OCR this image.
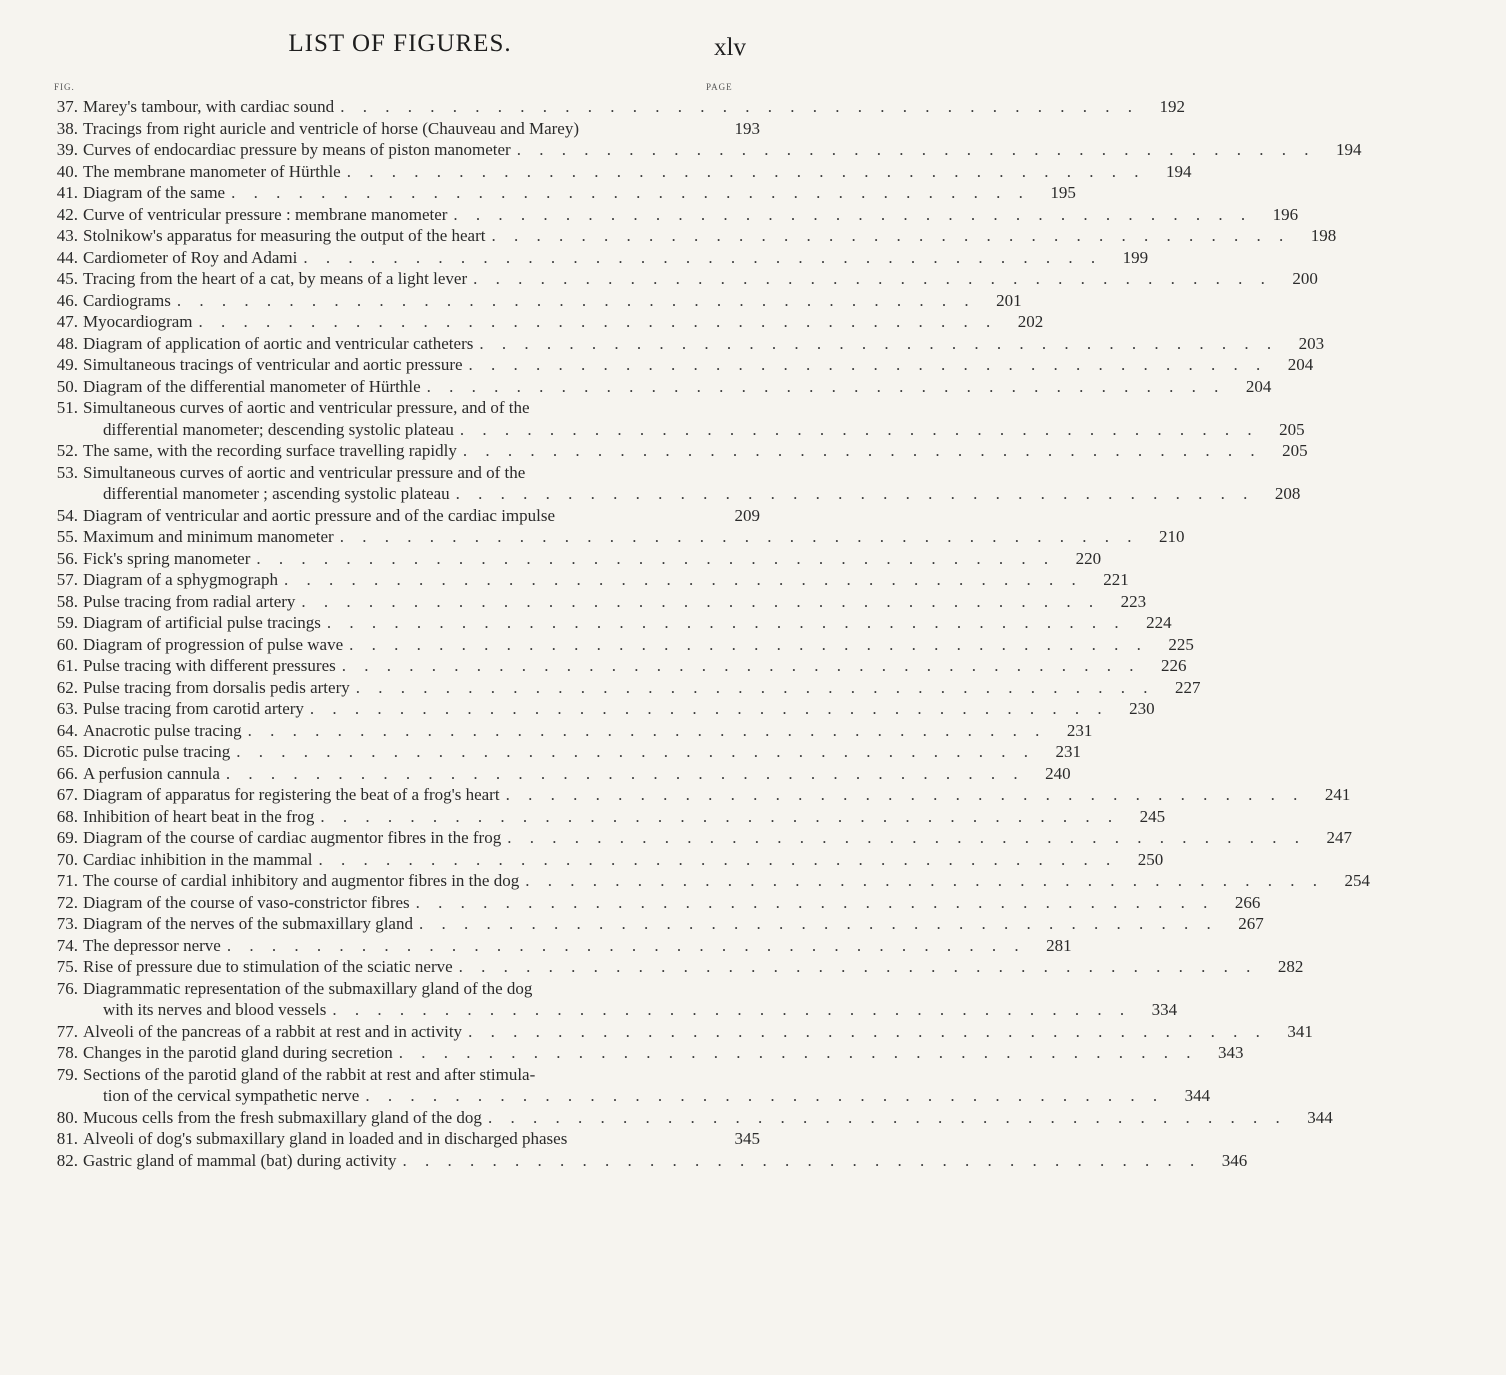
LIST OF FIGURES.	xlv
FIG.	PAGE
37. Marey's tambour, with cardiac sound . . . . . . . . . . . . . . . . . . . . . . . . . . . . . . . . . . . .	192
38. Tracings from right auricle and ventricle of horse (Chauveau and Marey)	193
39. Curves of endocardiac pressure by means of piston manometer . . . . . . . . . . . . . . . . . . . . . . . . . . . . . . . . . . . .	194
40. The membrane manometer of Hürthle . . . . . . . . . . . . . . . . . . . . . . . . . . . . . . . . . . . .	194
41. Diagram of the same . . . . . . . . . . . . . . . . . . . . . . . . . . . . . . . . . . . .	195
42. Curve of ventricular pressure : membrane manometer . . . . . . . . . . . . . . . . . . . . . . . . . . . . . . . . . . . .	196
43. Stolnikow's apparatus for measuring the output of the heart . . . . . . . . . . . . . . . . . . . . . . . . . . . . . . . . . . . .	198
44. Cardiometer of Roy and Adami . . . . . . . . . . . . . . . . . . . . . . . . . . . . . . . . . . . .	199
45. Tracing from the heart of a cat, by means of a light lever . . . . . . . . . . . . . . . . . . . . . . . . . . . . . . . . . . . .	200
46. Cardiograms . . . . . . . . . . . . . . . . . . . . . . . . . . . . . . . . . . . .	201
47. Myocardiogram . . . . . . . . . . . . . . . . . . . . . . . . . . . . . . . . . . . .	202
48. Diagram of application of aortic and ventricular catheters . . . . . . . . . . . . . . . . . . . . . . . . . . . . . . . . . . . .	203
49. Simultaneous tracings of ventricular and aortic pressure . . . . . . . . . . . . . . . . . . . . . . . . . . . . . . . . . . . .	204
50. Diagram of the differential manometer of Hürthle . . . . . . . . . . . . . . . . . . . . . . . . . . . . . . . . . . . .	204
51. Simultaneous curves of aortic and ventricular pressure, and of the
differential manometer; descending systolic plateau . . . . . . . . . . . . . . . . . . . . . . . . . . . . . . . . . . . .	205
52. The same, with the recording surface travelling rapidly . . . . . . . . . . . . . . . . . . . . . . . . . . . . . . . . . . . .	205
53. Simultaneous curves of aortic and ventricular pressure and of the
differential manometer ; ascending systolic plateau . . . . . . . . . . . . . . . . . . . . . . . . . . . . . . . . . . . .	208
54. Diagram of ventricular and aortic pressure and of the cardiac impulse	209
55. Maximum and minimum manometer . . . . . . . . . . . . . . . . . . . . . . . . . . . . . . . . . . . .	210
56. Fick's spring manometer . . . . . . . . . . . . . . . . . . . . . . . . . . . . . . . . . . . .	220
57. Diagram of a sphygmograph . . . . . . . . . . . . . . . . . . . . . . . . . . . . . . . . . . . .	221
58. Pulse tracing from radial artery . . . . . . . . . . . . . . . . . . . . . . . . . . . . . . . . . . . .	223
59. Diagram of artificial pulse tracings . . . . . . . . . . . . . . . . . . . . . . . . . . . . . . . . . . . .	224
60. Diagram of progression of pulse wave . . . . . . . . . . . . . . . . . . . . . . . . . . . . . . . . . . . .	225
61. Pulse tracing with different pressures . . . . . . . . . . . . . . . . . . . . . . . . . . . . . . . . . . . .	226
62. Pulse tracing from dorsalis pedis artery . . . . . . . . . . . . . . . . . . . . . . . . . . . . . . . . . . . .	227
63. Pulse tracing from carotid artery . . . . . . . . . . . . . . . . . . . . . . . . . . . . . . . . . . . .	230
64. Anacrotic pulse tracing . . . . . . . . . . . . . . . . . . . . . . . . . . . . . . . . . . . .	231
65. Dicrotic pulse tracing . . . . . . . . . . . . . . . . . . . . . . . . . . . . . . . . . . . .	231
66. A perfusion cannula . . . . . . . . . . . . . . . . . . . . . . . . . . . . . . . . . . . .	240
67. Diagram of apparatus for registering the beat of a frog's heart . . . . . . . . . . . . . . . . . . . . . . . . . . . . . . . . . . . .	241
68. Inhibition of heart beat in the frog . . . . . . . . . . . . . . . . . . . . . . . . . . . . . . . . . . . .	245
69. Diagram of the course of cardiac augmentor fibres in the frog . . . . . . . . . . . . . . . . . . . . . . . . . . . . . . . . . . . .	247
70. Cardiac inhibition in the mammal . . . . . . . . . . . . . . . . . . . . . . . . . . . . . . . . . . . .	250
71. The course of cardial inhibitory and augmentor fibres in the dog . . . . . . . . . . . . . . . . . . . . . . . . . . . . . . . . . . . .	254
72. Diagram of the course of vaso-constrictor fibres . . . . . . . . . . . . . . . . . . . . . . . . . . . . . . . . . . . .	266
73. Diagram of the nerves of the submaxillary gland . . . . . . . . . . . . . . . . . . . . . . . . . . . . . . . . . . . .	267
74. The depressor nerve . . . . . . . . . . . . . . . . . . . . . . . . . . . . . . . . . . . .	281
75. Rise of pressure due to stimulation of the sciatic nerve . . . . . . . . . . . . . . . . . . . . . . . . . . . . . . . . . . . .	282
76. Diagrammatic representation of the submaxillary gland of the dog
with its nerves and blood vessels . . . . . . . . . . . . . . . . . . . . . . . . . . . . . . . . . . . .	334
77. Alveoli of the pancreas of a rabbit at rest and in activity . . . . . . . . . . . . . . . . . . . . . . . . . . . . . . . . . . . .	341
78. Changes in the parotid gland during secretion . . . . . . . . . . . . . . . . . . . . . . . . . . . . . . . . . . . .	343
79. Sections of the parotid gland of the rabbit at rest and after stimula-
tion of the cervical sympathetic nerve . . . . . . . . . . . . . . . . . . . . . . . . . . . . . . . . . . . .	344
80. Mucous cells from the fresh submaxillary gland of the dog . . . . . . . . . . . . . . . . . . . . . . . . . . . . . . . . . . . .	344
81. Alveoli of dog's submaxillary gland in loaded and in discharged phases	345
82. Gastric gland of mammal (bat) during activity . . . . . . . . . . . . . . . . . . . . . . . . . . . . . . . . . . . .	346
